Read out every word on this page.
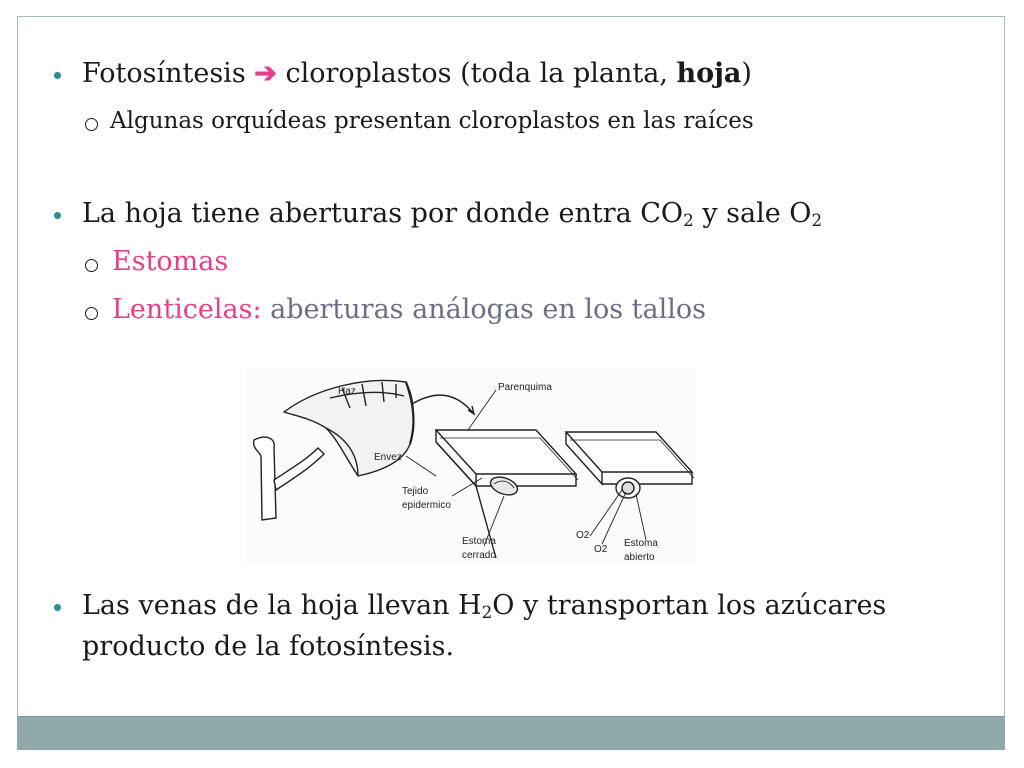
Fotosíntesis ➔ cloroplastos (toda la planta, hoja)
Algunas orquídeas presentan cloroplastos en las raíces
La hoja tiene aberturas por donde entra $CO_2$ y sale $O_2$
Estomas
Lenticelas: aberturas análogas en los tallos
Haz	Parenquima
Envez
Tejido
epidermico
Estoma
cerrado
O2
O2
Estoma
abierto
Las venas de la hoja llevan $H_2O$ y transportan los azúcares
producto de la fotosíntesis.
